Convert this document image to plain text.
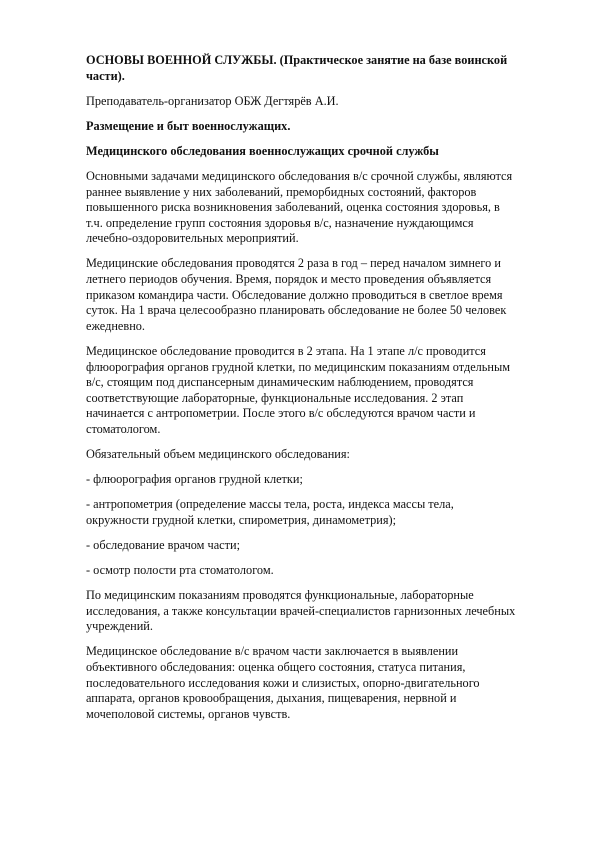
ОСНОВЫ ВОЕННОЙ СЛУЖБЫ. (Практическое занятие на базе воинской части).

Преподаватель-организатор ОБЖ Дегтярёв А.И.

Размещение и быт военнослужащих.

Медицинского обследования военнослужащих срочной службы

Основными задачами медицинского обследования в/с срочной службы, являются раннее выявление у них заболеваний, преморбидных состояний, факторов повышенного риска возникновения заболеваний, оценка состояния здоровья, в т.ч. определение групп состояния здоровья в/с, назначение нуждающимся лечебно-оздоровительных мероприятий.

Медицинские обследования проводятся 2 раза в год – перед началом зимнего и летнего периодов обучения. Время, порядок и место проведения объявляется приказом командира части. Обследование должно проводиться в светлое время суток. На 1 врача целесообразно планировать обследование не более 50 человек ежедневно.

Медицинское обследование проводится в 2 этапа. На 1 этапе л/с проводится флюорография органов грудной клетки, по медицинским показаниям отдельным в/с, стоящим под диспансерным динамическим наблюдением, проводятся соответствующие лабораторные, функциональные исследования. 2 этап начинается с антропометрии. После этого в/с обследуются врачом части и стоматологом.

Обязательный объем медицинского обследования:

- флюорография органов грудной клетки;

- антропометрия (определение массы тела, роста, индекса массы тела, окружности грудной клетки, спирометрия, динамометрия);

- обследование врачом части;

- осмотр полости рта стоматологом.

По медицинским показаниям проводятся функциональные, лабораторные исследования, а также консультации врачей-специалистов гарнизонных лечебных учреждений.

Медицинское обследование в/с врачом части заключается в выявлении объективного обследования: оценка общего состояния, статуса питания, последовательного исследования кожи и слизистых, опорно-двигательного аппарата, органов кровообращения, дыхания, пищеварения, нервной и мочеполовой системы, органов чувств.
